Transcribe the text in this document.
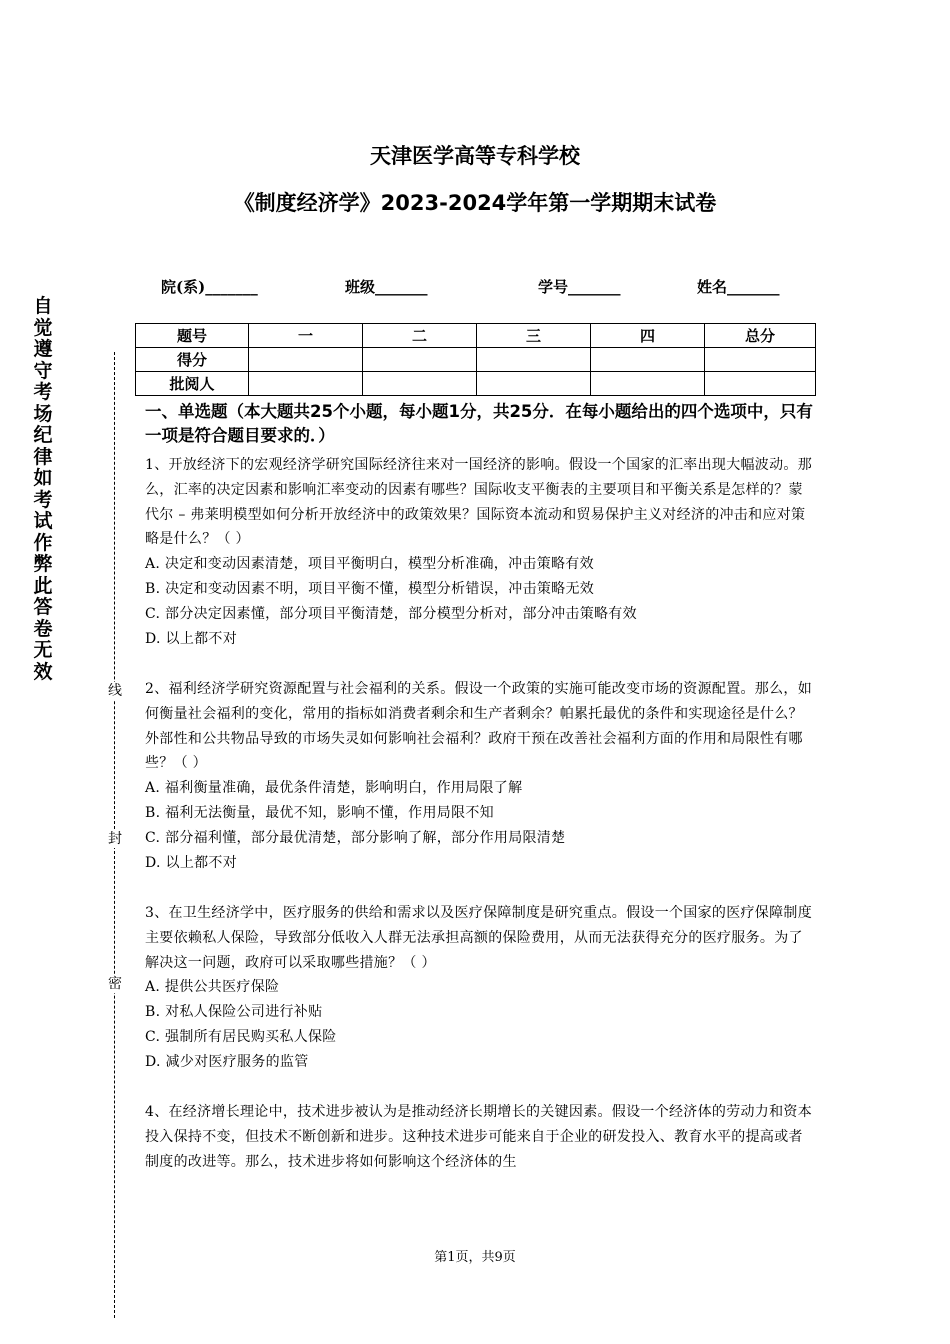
自觉遵守考场纪律如考试作弊此答卷无效
线
封
密
天津医学高等专科学校
《制度经济学》2023-2024学年第一学期期末试卷
院(系)_______	班级_______	学号_______	姓名_______
题号	一	二	三	四	总分
得分					
批阅人					
一、单选题（本大题共25个小题，每小题1分，共25分．在每小题给出的四个选项中，只有一项是符合题目要求的．）

1、开放经济下的宏观经济学研究国际经济往来对一国经济的影响。假设一个国家的汇率出现大幅波动。那么，汇率的决定因素和影响汇率变动的因素有哪些？国际收支平衡表的主要项目和平衡关系是怎样的？蒙代尔 – 弗莱明模型如何分析开放经济中的政策效果？国际资本流动和贸易保护主义对经济的冲击和应对策略是什么？（ ）

A. 决定和变动因素清楚，项目平衡明白，模型分析准确，冲击策略有效

B. 决定和变动因素不明，项目平衡不懂，模型分析错误，冲击策略无效

C. 部分决定因素懂，部分项目平衡清楚，部分模型分析对，部分冲击策略有效

D. 以上都不对

2、福利经济学研究资源配置与社会福利的关系。假设一个政策的实施可能改变市场的资源配置。那么，如何衡量社会福利的变化，常用的指标如消费者剩余和生产者剩余？帕累托最优的条件和实现途径是什么？外部性和公共物品导致的市场失灵如何影响社会福利？政府干预在改善社会福利方面的作用和局限性有哪些？（ ）

A. 福利衡量准确，最优条件清楚，影响明白，作用局限了解

B. 福利无法衡量，最优不知，影响不懂，作用局限不知

C. 部分福利懂，部分最优清楚，部分影响了解，部分作用局限清楚

D. 以上都不对

3、在卫生经济学中，医疗服务的供给和需求以及医疗保障制度是研究重点。假设一个国家的医疗保障制度主要依赖私人保险，导致部分低收入人群无法承担高额的保险费用，从而无法获得充分的医疗服务。为了解决这一问题，政府可以采取哪些措施？（ ）

A. 提供公共医疗保险

B. 对私人保险公司进行补贴

C. 强制所有居民购买私人保险

D. 减少对医疗服务的监管

4、在经济增长理论中，技术进步被认为是推动经济长期增长的关键因素。假设一个经济体的劳动力和资本投入保持不变，但技术不断创新和进步。这种技术进步可能来自于企业的研发投入、教育水平的提高或者制度的改进等。那么，技术进步将如何影响这个经济体的生

第1页，共9页
